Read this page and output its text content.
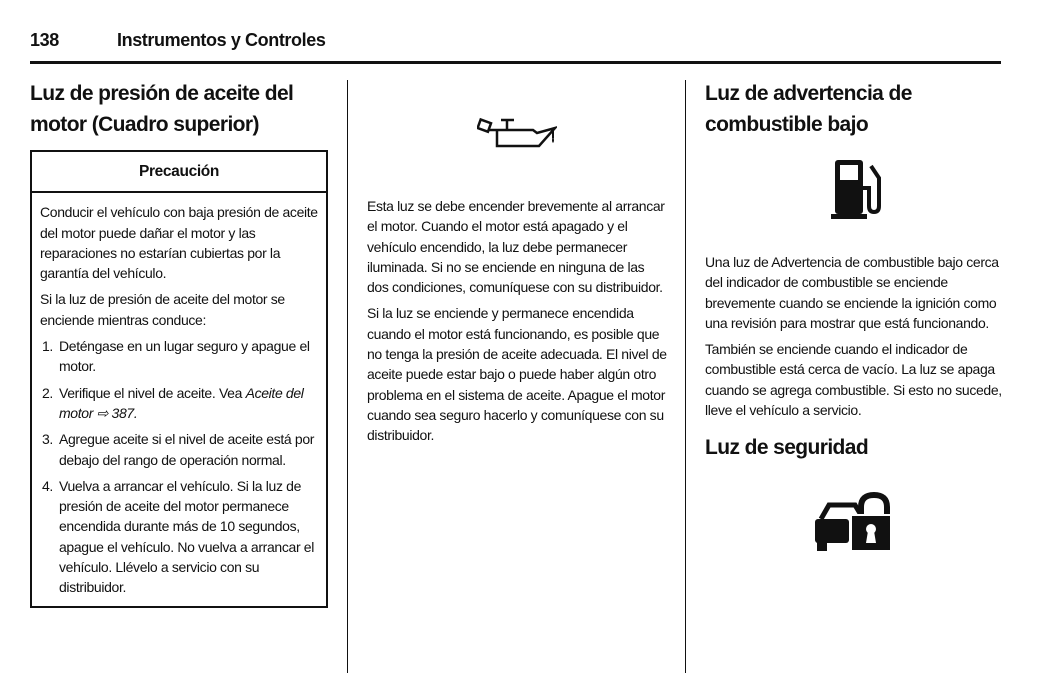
138	Instrumentos y Controles
Luz de presión de aceite del motor (Cuadro superior)
Precaución

Conducir el vehículo con baja presión de aceite del motor puede dañar el motor y las reparaciones no estarían cubiertas por la garantía del vehículo.

Si la luz de presión de aceite del motor se enciende mientras conduce:

1. Deténgase en un lugar seguro y apague el motor.
2. Verifique el nivel de aceite. Vea Aceite del motor ⇨ 387.
3. Agregue aceite si el nivel de aceite está por debajo del rango de operación normal.
4. Vuelva a arrancar el vehículo. Si la luz de presión de aceite del motor permanece encendida durante más de 10 segundos, apague el vehículo. No vuelva a arrancar el vehículo. Llévelo a servicio con su distribuidor.

Esta luz se debe encender brevemente al arrancar el motor. Cuando el motor está apagado y el vehículo encendido, la luz debe permanecer iluminada. Si no se enciende en ninguna de las dos condiciones, comuníquese con su distribuidor.

Si la luz se enciende y permanece encendida cuando el motor está funcionando, es posible que no tenga la presión de aceite adecuada. El nivel de aceite puede estar bajo o puede haber algún otro problema en el sistema de aceite. Apague el motor cuando sea seguro hacerlo y comuníquese con su distribuidor.

Luz de advertencia de combustible bajo

Una luz de Advertencia de combustible bajo cerca del indicador de combustible se enciende brevemente cuando se enciende la ignición como una revisión para mostrar que está funcionando.

También se enciende cuando el indicador de combustible está cerca de vacío. La luz se apaga cuando se agrega combustible. Si esto no sucede, lleve el vehículo a servicio.

Luz de seguridad
